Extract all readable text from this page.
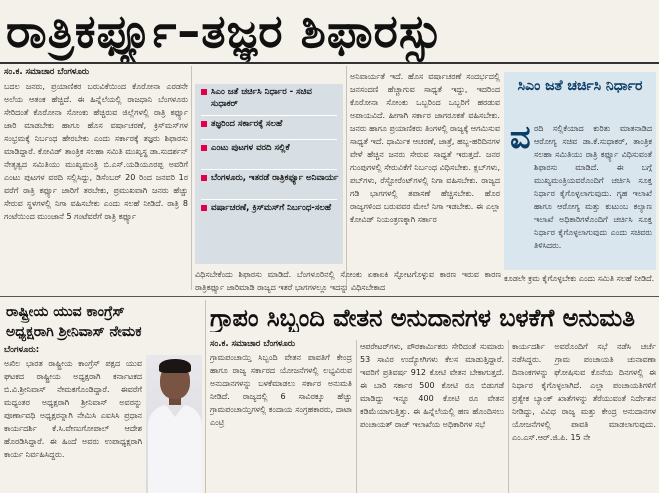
ರಾತ್ರಿಕರ್ಫ್ಯೂ–ತಜ್ಞರ ಶಿಫಾರಸ್ಸು
ಸಂ.ಕ. ಸಮಾಚಾರ ಬೆಂಗಳೂರು
ಬದಲ ಜನರು, ಪ್ರಯಾಣಿಕರ ಬರುವಿಕೆಯಿಂದ ಕೊರೋನಾ ಎರಡನೇ ಅಲೆಯ ಆತಂಕ ಹೆಚ್ಚಿದೆ. ಈ ಹಿನ್ನೆಲೆಯಲ್ಲಿ ರಾಜಧಾನಿ ಬೆಂಗಳೂರು ಸೇರಿದಂತೆ ಕೊರೋನಾ ಸೋಂಕು ಹೆಚ್ಚಿರುವ ಜಿಲ್ಲೆಗಳಲ್ಲಿ ರಾತ್ರಿ ಕರ್ಫ್ಯೂ ಜಾರಿ ಮಾಡಬೇಕು ಹಾಗೂ ಹೊಸ ವರ್ಷಾಚರಣೆ, ಕ್ರಿಸ್‌ಮಸ್‌ಗಳ ಸಂಭ್ರಮಕ್ಕೆ ನಿರ್ಬಂಧ ಹೇರಬೇಕು ಎಂದು ಸರ್ಕಾರಕ್ಕೆ ತಜ್ಞರು ಶಿಫಾರಸು ಮಾಡಿದ್ದಾರೆ. ಕೋವಿಡ್ ತಾಂತ್ರಿಕ ಸಲಹಾ ಸಮಿತಿ ಮುಖ್ಯಸ್ಥ ಡಾ.ಸುದರ್ಶನ್ ನೇತೃತ್ವದ ಸಮಿತಿಯು ಮುಖ್ಯಮಂತ್ರಿ ಬಿ.ಎಸ್.ಯಡಿಯೂರಪ್ಪ ಅವರಿಗೆ ಎಂಟು ಪುಟಗಳ ವರದಿ ಸಲ್ಲಿಸಿದ್ದು, ಡಿಸೆಂಬರ್ 20 ರಿಂದ ಜನವರಿ 1ರ ವರೆಗೆ ರಾತ್ರಿ ಕರ್ಫ್ಯೂ ಜಾರಿಗೆ ತರಬೇಕು, ಪ್ರಮುಖವಾಗಿ ಜನರು ಹೆಚ್ಚು ಸೇರುವ ಸ್ಥಳಗಳಲ್ಲಿ ನಿಗಾ ವಹಿಸಬೇಕು ಎಂದು ಸಲಹೆ ನೀಡಿದೆ. ರಾತ್ರಿ 8 ಗಂಟೆಯಿಂದ ಮುಂಜಾನೆ 5 ಗಂಟೆವರೆಗೆ ರಾತ್ರಿ ಕರ್ಫ್ಯೂ
ಸಿಎಂ ಜತೆ ಚರ್ಚಿಸಿ ನಿರ್ಧಾರ - ಸಚಿವ ಸುಧಾಕರ್
ತಜ್ಞರಿಂದ ಸರ್ಕಾರಕ್ಕೆ ಸಲಹೆ
ಎಂಟು ಪುಟಗಳ ವರದಿ ಸಲ್ಲಿಕೆ
ಬೆಂಗಳೂರು, ಇತರಡೆ ರಾತ್ರಿಕರ್ಫ್ಯೂ ಅನಿವಾರ್ಯ
ವರ್ಷಾಚರಣೆ, ಕ್ರಿಸ್‌ಮಸ್‌ಗೆ ನಿರ್ಬಂಧ-ಸಲಹೆ
ಅನಿವಾರ್ಯತೆ ಇದೆ. ಹೊಸ ವರ್ಷಾಚರಣೆ ಸಂದರ್ಭದಲ್ಲಿ ಜನಸಂದಣಿ ಹೆಚ್ಚಾಗುವ ಸಾಧ್ಯತೆ ಇದ್ದು, ಇದರಿಂದ ಕೊರೋನಾ ಸೋಂಕು ಒಬ್ಬರಿಂದ ಒಬ್ಬರಿಗೆ ಹರಡುವ ಅಪಾಯವಿದೆ. ಹೀಗಾಗಿ ಸರ್ಕಾರ ಜಾಗರೂಕತೆ ವಹಿಸಬೇಕು. ಜನರು ಹಾಗೂ ಪ್ರಯಾಣಿಕರು ತಿಂಗಳಲ್ಲಿ ರಾಜ್ಯಕ್ಕೆ ಆಗಮಿಸುವ ಸಾಧ್ಯತೆ ಇದೆ. ಧಾರ್ಮಿಕ ಆಚರಣೆ, ಜಾತ್ರೆ, ಹಬ್ಬ-ಹರಿದಿನಗಳ ವೇಳೆ ಹೆಚ್ಚಿನ ಜನರು ಸೇರುವ ಸಾಧ್ಯತೆ ಇರುತ್ತದೆ. ಜನರ ಗುಂಪುಗಳಲ್ಲಿ ಸೇರುವಿಕೆಗೆ ನಿರ್ಬಂಧ ವಿಧಿಸಬೇಕು. ಕ್ಲಬ್‌ಗಳು, ಪಬ್‌ಗಳು, ರೆಸ್ಟೋರೆಂಟ್‌ಗಳಲ್ಲಿ ನಿಗಾ ವಹಿಸಬೇಕು. ರಾಜ್ಯದ ಗಡಿ ಭಾಗಗಳಲ್ಲಿ ತಪಾಸಣೆ ಹೆಚ್ಚಿಸಬೇಕು. ಹೊರ ರಾಜ್ಯಗಳಿಂದ ಬರುವವರ ಮೇಲೆ ನಿಗಾ ಇಡಬೇಕು. ಈ ಎಲ್ಲಾ ಕೋವಿಡ್ ನಿಯಂತ್ರಣಕ್ಕಾಗಿ ಸರ್ಕಾರ
ವಿಧಿಸಬೇಕೆಂದು ಶಿಫಾರಸು ಮಾಡಿದೆ. ಬೆಂಗಳೂರಿನಲ್ಲಿ ಸೋಂಕು ಏಕಾಏಕಿ ಸ್ಫೋಟಗೊಳ್ಳುವ ಕಾರಣ ಇರುವ ಕಾರಣ ರಾತ್ರಿಕರ್ಫ್ಯೂ ಜಾರಿಮಾಡಿ ರಾಜ್ಯದ ಇತರೆ ಭಾಗಗಳಲ್ಲೂ ಇದನ್ನು ವಿಧಿಸಬೇಕಾದ
ಸಿಎಂ ಜತೆ ಚರ್ಚಿಸಿ ನಿರ್ಧಾರ
ವ ರದಿ ಸಲ್ಲಿಕೆಯಾದ ಕುರಿತು ಮಾತನಾಡಿದ ಆರೋಗ್ಯ ಸಚಿವ ಡಾ.ಕೆ.ಸುಧಾಕರ್, ತಾಂತ್ರಿಕ ಸಲಹಾ ಸಮಿತಿಯು ರಾತ್ರಿ ಕರ್ಫ್ಯೂ ವಿಧಿಸುವಂತೆ ಶಿಫಾರಸು ಮಾಡಿದೆ. ಈ ಬಗ್ಗೆ ಮುಖ್ಯಮಂತ್ರಿಯವರೊಂದಿಗೆ ಚರ್ಚಿಸಿ ಸೂಕ್ತ ನಿರ್ಧಾರ ಕೈಗೊಳ್ಳಲಾಗುವುದು. ಗೃಹ ಇಲಾಖೆ ಹಾಗೂ ಆರೋಗ್ಯ ಮತ್ತು ಕುಟುಂಬ ಕಲ್ಯಾಣ ಇಲಾಖೆ ಅಧಿಕಾರಿಗಳೊಂದಿಗೆ ಚರ್ಚಿಸಿ ಸೂಕ್ತ ನಿರ್ಧಾರ ಕೈಗೊಳ್ಳಲಾಗುವುದು ಎಂದು ಸಚಿವರು ತಿಳಿಸಿದರು.
ಕೂಡಲೇ ಕ್ರಮ ಕೈಗೊಳ್ಳಬೇಕು ಎಂದು ಸಮಿತಿ ಸಲಹೆ ನೀಡಿದೆ.
ರಾಷ್ಟ್ರೀಯ ಯುವ ಕಾಂಗ್ರೆಸ್
ಅಧ್ಯಕ್ಷರಾಗಿ ಶ್ರೀನಿವಾಸ್ ನೇಮಕ
ಬೆಂಗಳೂರು:
ಅಖಿಲ ಭಾರತ ರಾಷ್ಟ್ರೀಯ ಕಾಂಗ್ರೆಸ್ ಪಕ್ಷದ ಯುವ ಘಟಕದ ರಾಷ್ಟ್ರೀಯ ಅಧ್ಯಕ್ಷರಾಗಿ ಕರ್ನಾಟಕದ ಬಿ.ವಿ.ಶ್ರೀನಿವಾಸ್ ನೇಮಕಗೊಂಡಿದ್ದಾರೆ. ಈವರೆಗೆ ಮಧ್ಯಂತರ ಅಧ್ಯಕ್ಷರಾಗಿ ಶ್ರೀನಿವಾಸ್ ಅವರನ್ನು ಪೂರ್ಣಾವಧಿ ಅಧ್ಯಕ್ಷರನ್ನಾಗಿ ನೇಮಿಸಿ ಎಐಸಿಸಿ ಪ್ರಧಾನ ಕಾರ್ಯದರ್ಶಿ ಕೆ.ಸಿ.ವೇಣುಗೋಪಾಲ್ ಆದೇಶ ಹೊರಡಿಸಿದ್ದಾರೆ. ಈ ಹಿಂದೆ ಅವರು ಉಪಾಧ್ಯಕ್ಷರಾಗಿ ಕಾರ್ಯ ನಿರ್ವಹಿಸಿದ್ದರು.
ಗ್ರಾಪಂ ಸಿಬ್ಬಂದಿ ವೇತನ ಅನುದಾನಗಳ ಬಳಕೆಗೆ ಅನುಮತಿ
ಸಂ.ಕ. ಸಮಾಚಾರ ಬೆಂಗಳೂರು
ಗ್ರಾಮಪಂಚಾಯ್ತಿ ಸಿಬ್ಬಂದಿ ವೇತನ ಪಾವತಿಗೆ ಕೇಂದ್ರ ಹಾಗೂ ರಾಜ್ಯ ಸರ್ಕಾರದ ಯೋಜನೆಗಳಲ್ಲಿ ಲಭ್ಯವಿರುವ ಅನುದಾನಗಳನ್ನು ಬಳಕೆಮಾಡಲು ಸರ್ಕಾರ ಅನುಮತಿ ನೀಡಿದೆ. ರಾಜ್ಯದಲ್ಲಿ 6 ಸಾವಿರಕ್ಕೂ ಹೆಚ್ಚು ಗ್ರಾಮಪಂಚಾಯ್ತಿಗಳಲ್ಲಿ ಕಂದಾಯ ಸಂಗ್ರಹಕಾರರು, ದಾಟಾ ಎಂಟ್ರಿ
ಆಪರೇಟರ್‌ಗಳು, ಪೌರಕಾರ್ಮಿಕರು ಸೇರಿದಂತೆ ಸುಮಾರು 53 ಸಾವಿರ ಉದ್ಯೋಗಿಗಳು ಕೆಲಸ ಮಾಡುತ್ತಿದ್ದಾರೆ. ಇವರಿಗೆ ಪ್ರತಿವರ್ಷ 912 ಕೋಟಿ ವೇತನ ಬೇಕಾಗುತ್ತದೆ. ಈ ಬಾರಿ ಸರ್ಕಾರ 500 ಕೋಟಿ ರೂ ಬಿಡುಗಡೆ ಮಾಡಿದ್ದು ಇನ್ನೂ 400 ಕೋಟಿ ರೂ ವೇತನ ಕಡಿಮೆಯಾಗುತ್ತಿತ್ತು. ಈ ಹಿನ್ನೆಲೆಯಲ್ಲಿ ಹಣ ಹೊಂದಿಸಲು ಪಂಚಾಯತ್ ರಾಜ್ ಇಲಾಖೆಯ ಅಧಿಕಾರಿಗಳ ಸಭೆ
ಕಾರ್ಯದರ್ಶಿ ಅವರೊಂದಿಗೆ ಸಭೆ ನಡೆಸಿ ಚರ್ಚೆ ನಡೆಸಿದ್ದರು. ಗ್ರಾಮ ಪಂಚಾಯತಿ ಚುನಾವಣಾ ದಿನಾಂಕಗಳನ್ನು ಘೋಷಿಸುವ ಕೊನೆಯ ದಿನಗಳಲ್ಲಿ ಈ ನಿರ್ಧಾರ ಕೈಗೊಳ್ಳಲಾಗಿದೆ. ಎಲ್ಲಾ ಪಂಚಾಯತಿಗಳಿಗೆ ಪ್ರತ್ಯೇಕ ಬ್ಯಾಂಕ್ ಖಾತೆಗಳನ್ನು ತೆರೆಯುವಂತೆ ನಿರ್ದೇಶನ ನೀಡಿದ್ದು, ವಿವಿಧ ರಾಜ್ಯ ಮತ್ತು ಕೇಂದ್ರ ಅನುದಾನಗಳ ಯೋಜನೆಗಳಲ್ಲಿ ಪಾವತಿ ಮಾಡಲಾಗುವುದು. ಎಂ.ಎಸ್.ಆರ್.ಜಿ.ಪಿ. 15 ನೇ
